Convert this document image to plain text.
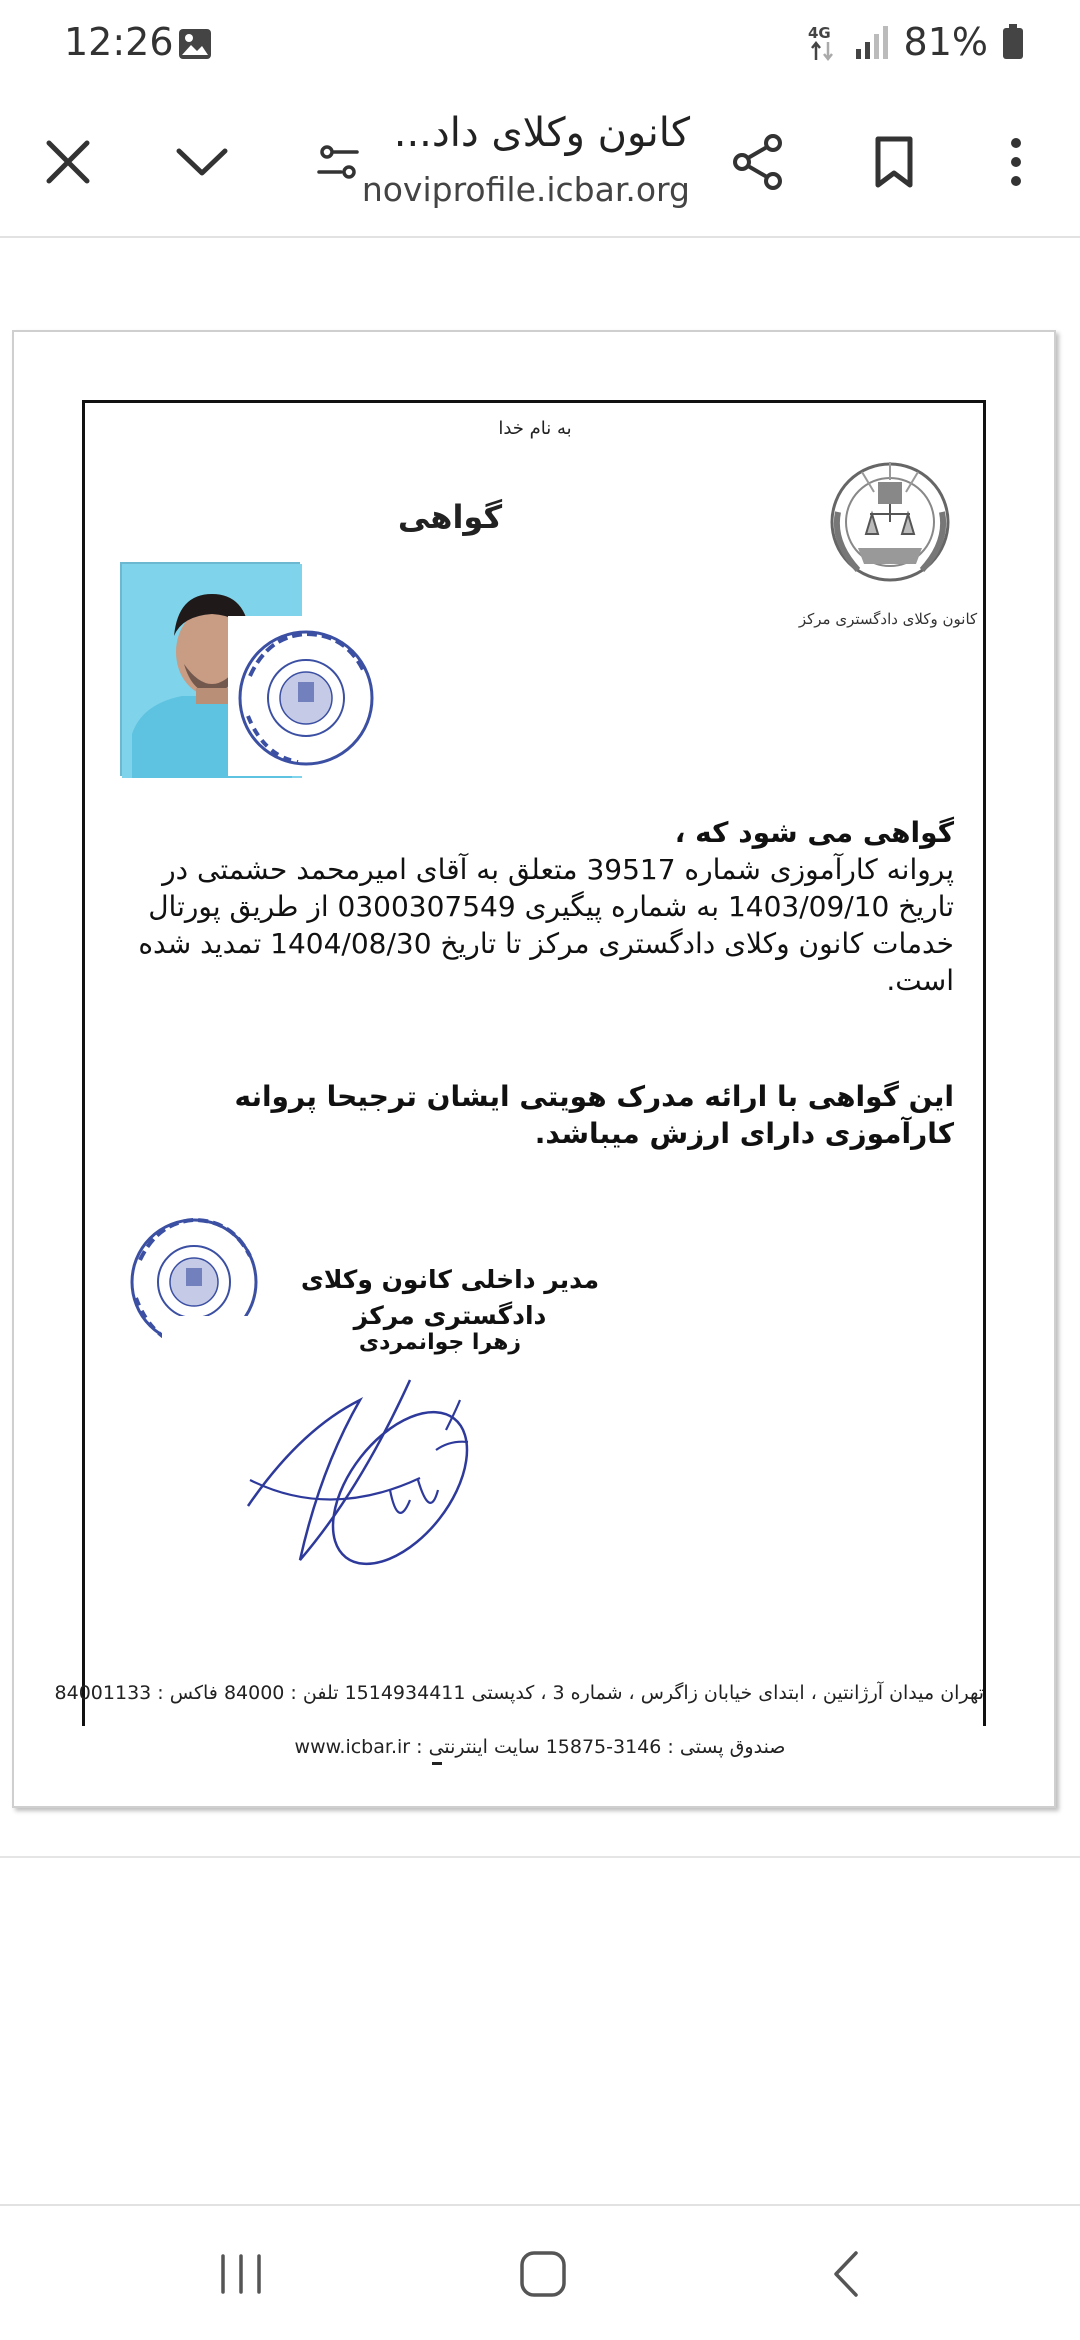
12:26	4G 81%
کانون وکلای داد...
noviprofile.icbar.org
به نام خدا
گواهی
کانون وکلای دادگستری مرکز
گواهی می شود که ،
پروانه کارآموزی شماره 39517 متعلق به آقای امیرمحمد حشمتی در تاریخ 1403/09/10 به شماره پیگیری 0300307549 از طریق پورتال خدمات کانون وکلای دادگستری مرکز تا تاریخ 1404/08/30 تمدید شده است.
این گواهی با ارائه مدرک هویتی ایشان ترجیحا پروانه کارآموزی دارای ارزش میباشد.
مدیر داخلی کانون وکلای دادگستری مرکز
زهرا جوانمردی
تهران میدان آرژانتین ، ابتدای خیابان زاگرس ، شماره 3 ، کدپستی 1514934411 تلفن : 84000 فاکس : 84001133
صندوق پستی : 3146-15875 سایت اینترنتی : www.icbar.ir
